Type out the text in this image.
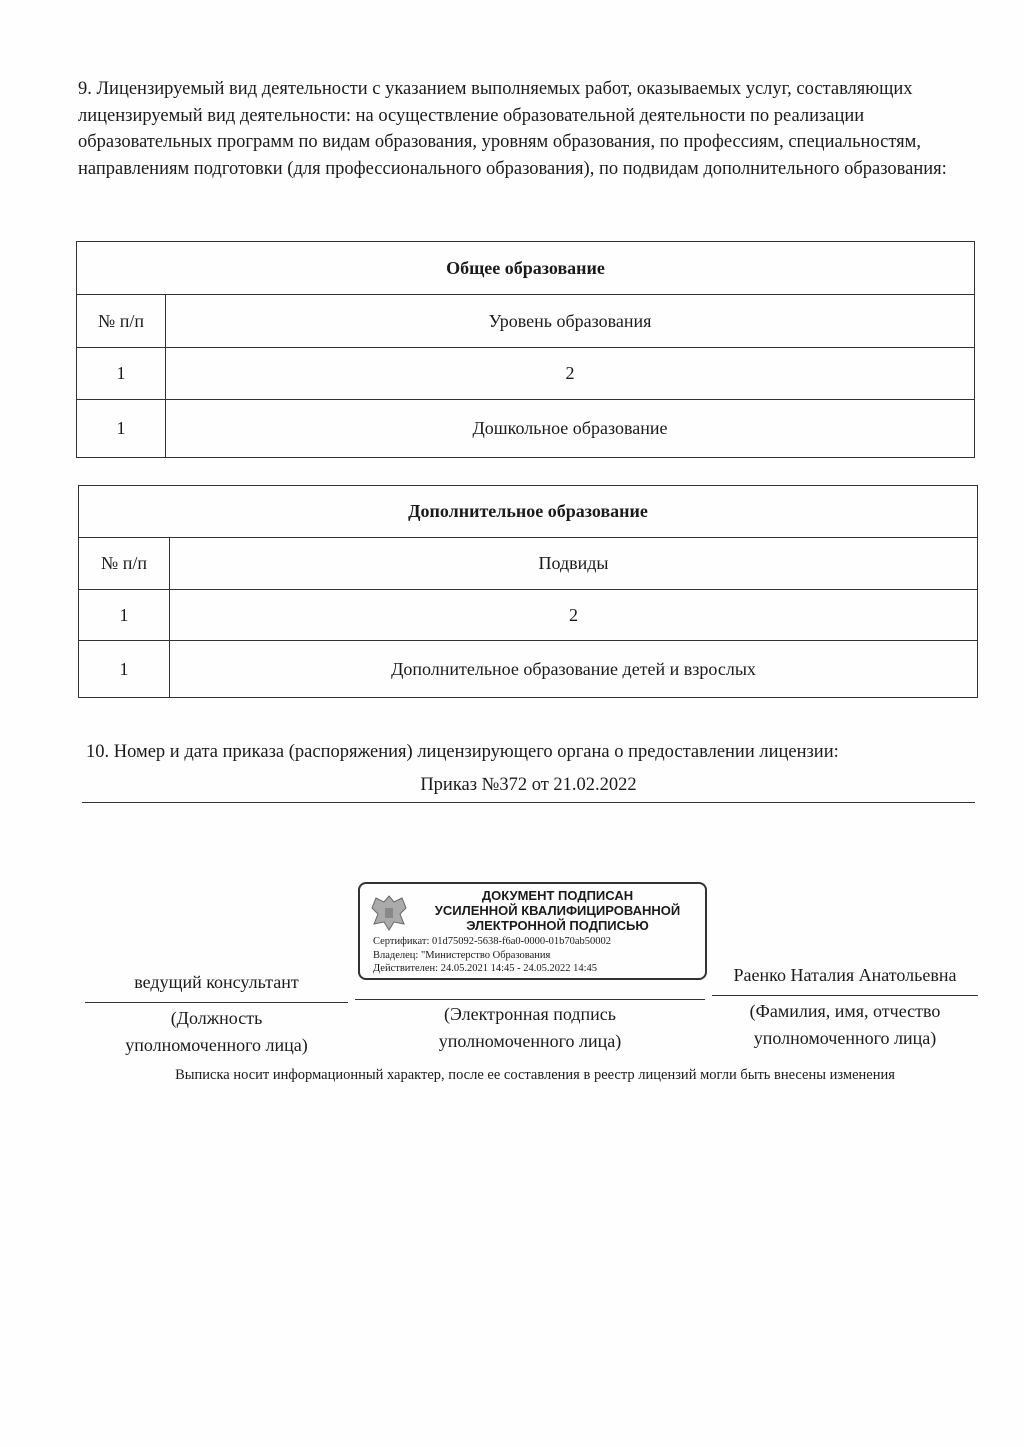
9. Лицензируемый вид деятельности с указанием выполняемых работ, оказываемых услуг, составляющих лицензируемый вид деятельности: на осуществление образовательной деятельности по реализации образовательных программ по видам образования, уровням образования, по профессиям, специальностям, направлениям подготовки (для профессионального образования), по подвидам дополнительного образования:
Общее образование	
№ п/п	Уровень образования
1	2
1	Дошкольное образование
Дополнительное образование	
№ п/п	Подвиды
1	2
1	Дополнительное образование детей и взрослых
10. Номер и дата приказа (распоряжения) лицензирующего органа о предоставлении лицензии:
Приказ №372 от 21.02.2022
ДОКУМЕНТ ПОДПИСАН
УСИЛЕННОЙ КВАЛИФИЦИРОВАННОЙ
ЭЛЕКТРОННОЙ ПОДПИСЬЮ
Сертификат: 01d75092-5638-f6a0-0000-01b70ab50002
Владелец: "Министерство Образования
Действителен: 24.05.2021 14:45 - 24.05.2022 14:45
ведущий консультант	Раенко Наталия Анатольевна
(Должность
уполномоченного лица)
(Электронная подпись
уполномоченного лица)
(Фамилия, имя, отчество
уполномоченного лица)
Выписка носит информационный характер, после ее составления в реестр лицензий могли быть внесены изменения
